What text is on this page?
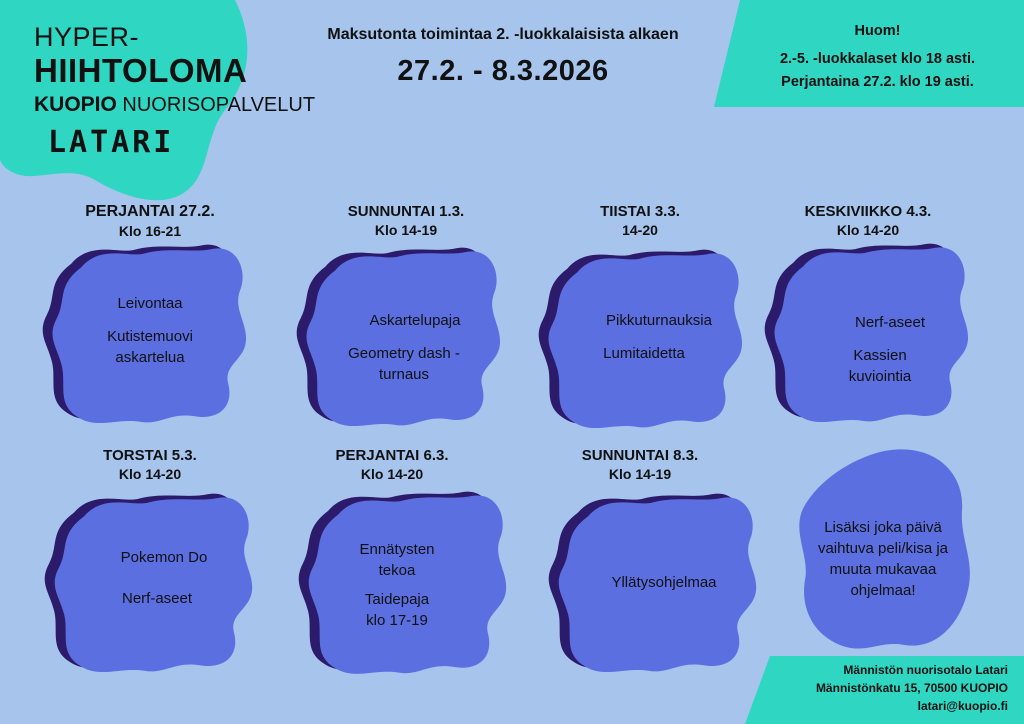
HYPER-
HIIHTOLOMA
KUOPIO NUORISOPALVELUT
LATARI
Maksutonta toimintaa 2. -luokkalaisista alkaen
27.2. - 8.3.2026
Huom!
2.-5. -luokkalaset klo 18 asti.
Perjantaina 27.2. klo 19 asti.
PERJANTAI 27.2.
Klo 16-21
SUNNUNTAI 1.3.
Klo 14-19
TIISTAI 3.3.
14-20
KESKIVIIKKO 4.3.
Klo 14-20
TORSTAI 5.3.
Klo 14-20
PERJANTAI 6.3.
Klo 14-20
SUNNUNTAI 8.3.
Klo 14-19

Leivontaa

Kutistemuovi askartelua

Askartelupaja

Geometry dash - turnaus

Pikkuturnauksia

Lumitaidetta

Nerf-aseet

Kassien kuviointia

Pokemon Do

Nerf-aseet

Ennätysten tekoa

Taidepaja klo 17-19

Yllätysohjelmaa

Lisäksi joka päivä vaihtuva peli/kisa ja muuta mukavaa ohjelmaa!
Männistön nuorisotalo Latari
Männistönkatu 15, 70500 KUOPIO
latari@kuopio.fi
